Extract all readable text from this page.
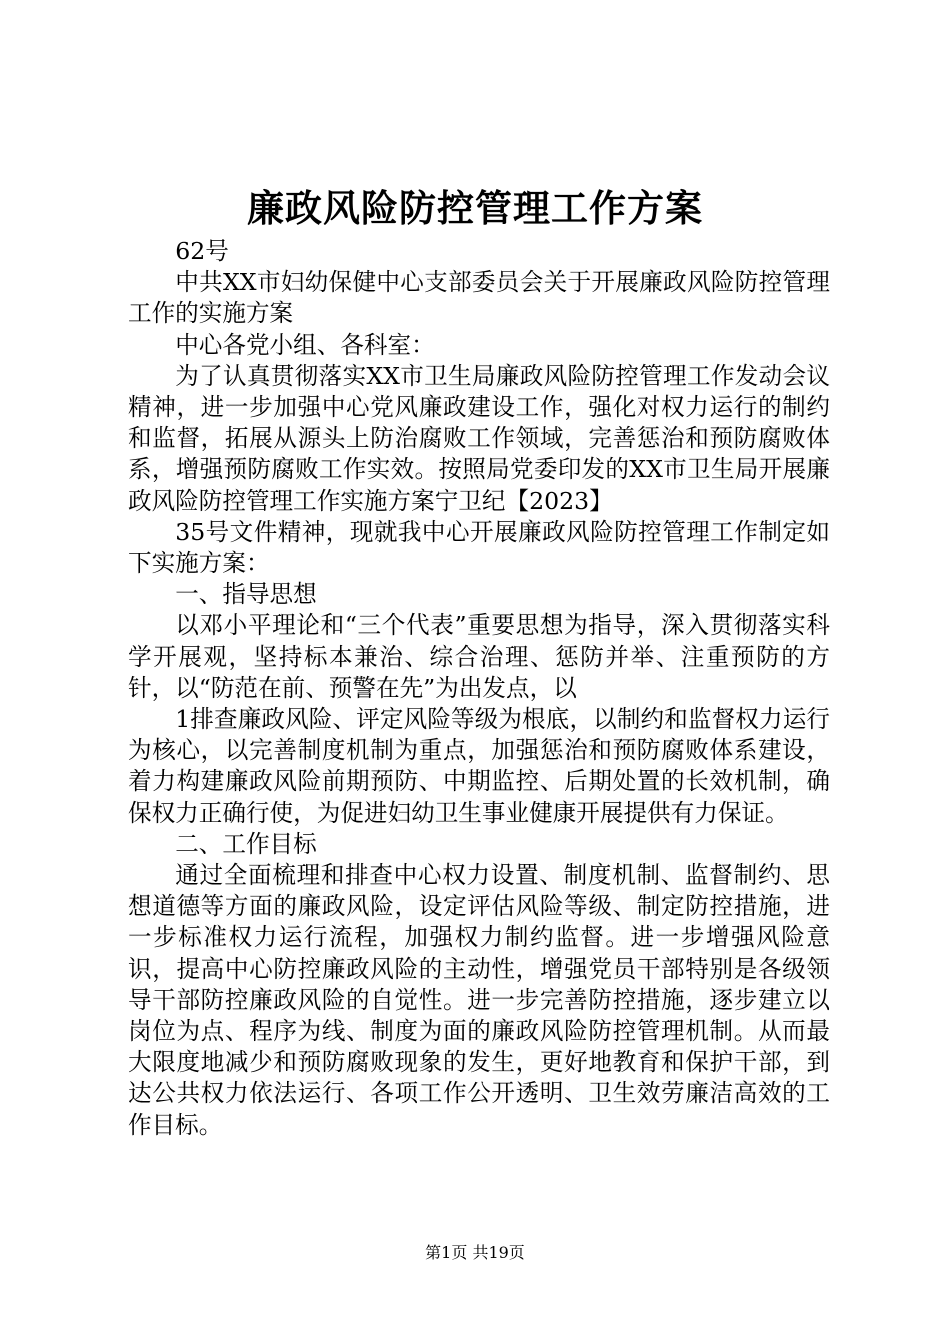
廉政风险防控管理工作方案

62号

中共XX市妇幼保健中心支部委员会关于开展廉政风险防控管理工作的实施方案

中心各党小组、各科室：

为了认真贯彻落实XX市卫生局廉政风险防控管理工作发动会议精神，进一步加强中心党风廉政建设工作，强化对权力运行的制约和监督，拓展从源头上防治腐败工作领域，完善惩治和预防腐败体系，增强预防腐败工作实效。按照局党委印发的XX市卫生局开展廉政风险防控管理工作实施方案宁卫纪【2023】

35号文件精神，现就我中心开展廉政风险防控管理工作制定如下实施方案：

一、指导思想

以邓小平理论和“三个代表”重要思想为指导，深入贯彻落实科学开展观，坚持标本兼治、综合治理、惩防并举、注重预防的方针，以“防范在前、预警在先”为出发点，以

1排查廉政风险、评定风险等级为根底，以制约和监督权力运行为核心，以完善制度机制为重点，加强惩治和预防腐败体系建设，着力构建廉政风险前期预防、中期监控、后期处置的长效机制，确保权力正确行使，为促进妇幼卫生事业健康开展提供有力保证。

二、工作目标

通过全面梳理和排查中心权力设置、制度机制、监督制约、思想道德等方面的廉政风险，设定评估风险等级、制定防控措施，进一步标准权力运行流程，加强权力制约监督。进一步增强风险意识，提高中心防控廉政风险的主动性，增强党员干部特别是各级领导干部防控廉政风险的自觉性。进一步完善防控措施，逐步建立以岗位为点、程序为线、制度为面的廉政风险防控管理机制。从而最大限度地减少和预防腐败现象的发生，更好地教育和保护干部，到达公共权力依法运行、各项工作公开透明、卫生效劳廉洁高效的工作目标。

第1页 共19页
